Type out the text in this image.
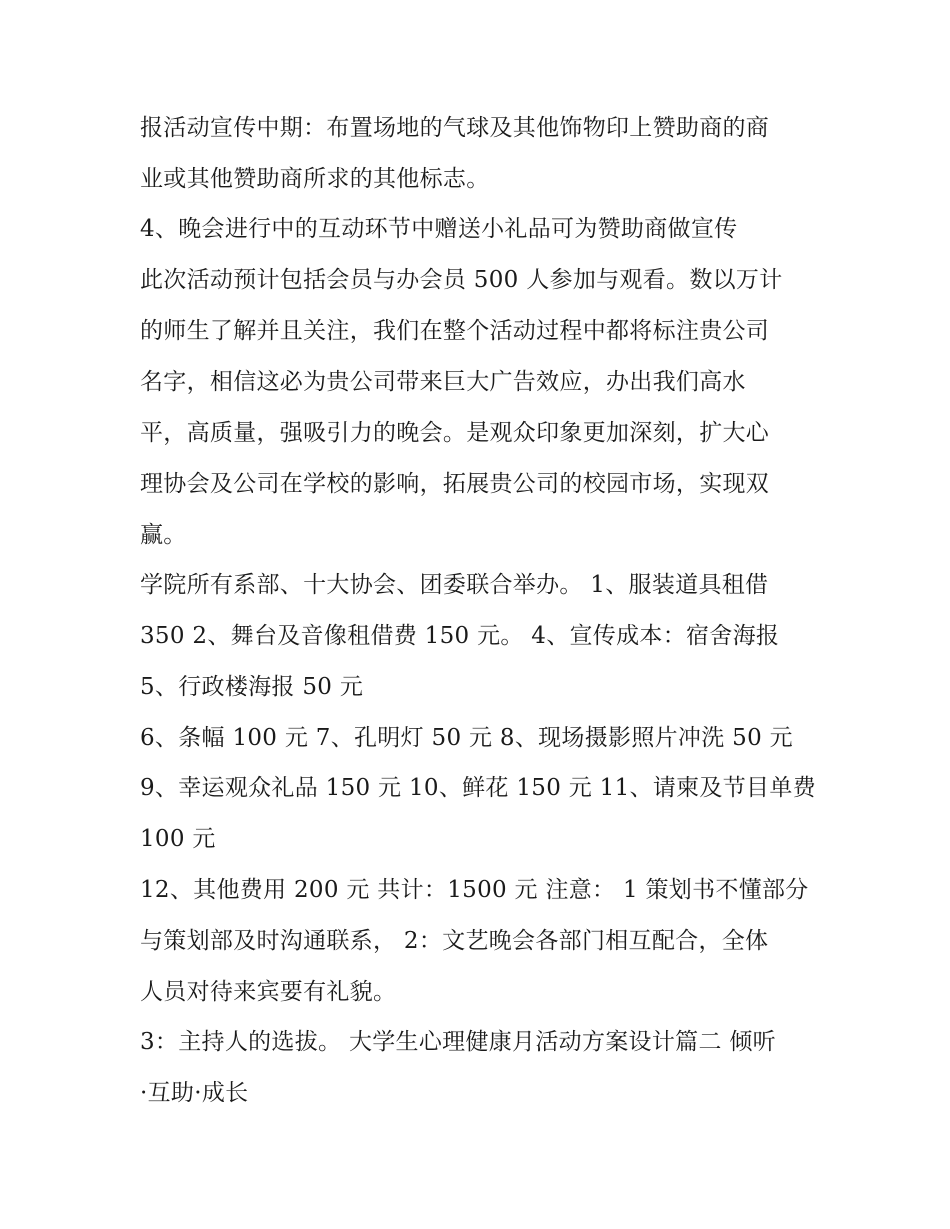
报活动宣传中期：布置场地的气球及其他饰物印上赞助商的商
业或其他赞助商所求的其他标志。
4、晚会进行中的互动环节中赠送小礼品可为赞助商做宣传
此次活动预计包括会员与办会员 500 人参加与观看。数以万计
的师生了解并且关注，我们在整个活动过程中都将标注贵公司
名字，相信这必为贵公司带来巨大广告效应，办出我们高水
平，高质量，强吸引力的晚会。是观众印象更加深刻，扩大心
理协会及公司在学校的影响，拓展贵公司的校园市场，实现双
赢。
学院所有系部、十大协会、团委联合举办。 1、服装道具租借
350 2、舞台及音像租借费 150 元。 4、宣传成本：宿舍海报
5、行政楼海报 50 元
6、条幅 100 元 7、孔明灯 50 元 8、现场摄影照片冲洗 50 元
9、幸运观众礼品 150 元 10、鲜花 150 元 11、请柬及节目单费
100 元
12、其他费用 200 元 共计：1500 元 注意： 1 策划书不懂部分
与策划部及时沟通联系， 2：文艺晚会各部门相互配合，全体
人员对待来宾要有礼貌。
3：主持人的选拔。 大学生心理健康月活动方案设计篇二 倾听
·互助·成长
